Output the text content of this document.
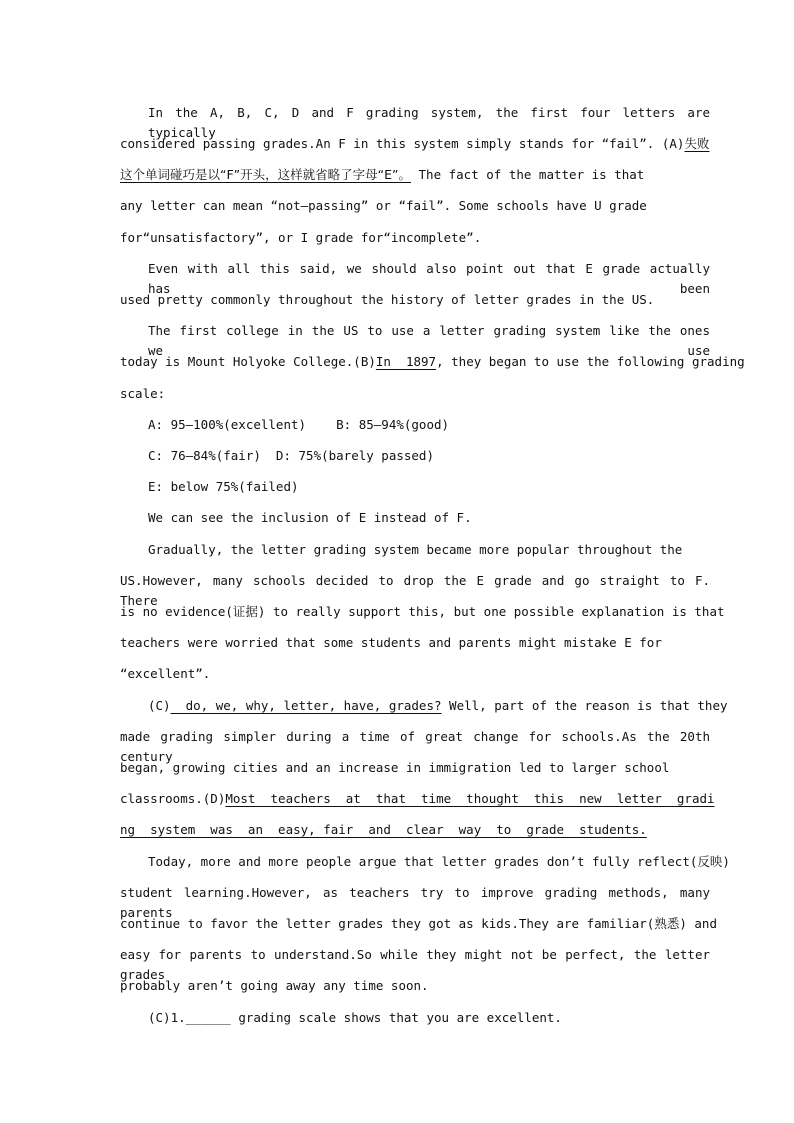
In the A, B, C, D and F grading system, the first four letters are typically
considered passing grades.An F in this system simply stands for “fail”. (A)失败
这个单词碰巧是以“F”开头，这样就省略了字母“E”。 The fact of the matter is that
any letter can mean “not—passing” or “fail”. Some schools have U grade
for“unsatisfactory”, or I grade for“incomplete”.
Even with all this said, we should also point out that E grade actually has been
used pretty commonly throughout the history of letter grades in the US.
The first college in the US to use a letter grading system like the ones we use
today is Mount Holyoke College.(B)In  1897, they began to use the following grading
scale:
A: 95—100%(excellent)    B: 85—94%(good)
C: 76—84%(fair)  D: 75%(barely passed)
E: below 75%(failed)
We can see the inclusion of E instead of F.
Gradually, the letter grading system became more popular throughout the
US.However, many schools decided to drop the E grade and go straight to F. There
is no evidence(证据) to really support this, but one possible explanation is that
teachers were worried that some students and parents might mistake E for
“excellent”.
(C)  do, we, why, letter, have, grades? Well, part of the reason is that they
made grading simpler during a time of great change for schools.As the 20th century
began, growing cities and an increase in immigration led to larger school
classrooms.(D)Most  teachers  at  that  time  thought  this  new  letter  gradi
ng  system  was  an  easy, fair  and  clear  way  to  grade  students.
Today, more and more people argue that letter grades don’t fully reflect(反映)
student learning.However, as teachers try to improve grading methods, many parents
continue to favor the letter grades they got as kids.They are familiar(熟悉) and
easy for parents to understand.So while they might not be perfect, the letter grades
probably aren’t going away any time soon.
(C)1.______ grading scale shows that you are excellent.
